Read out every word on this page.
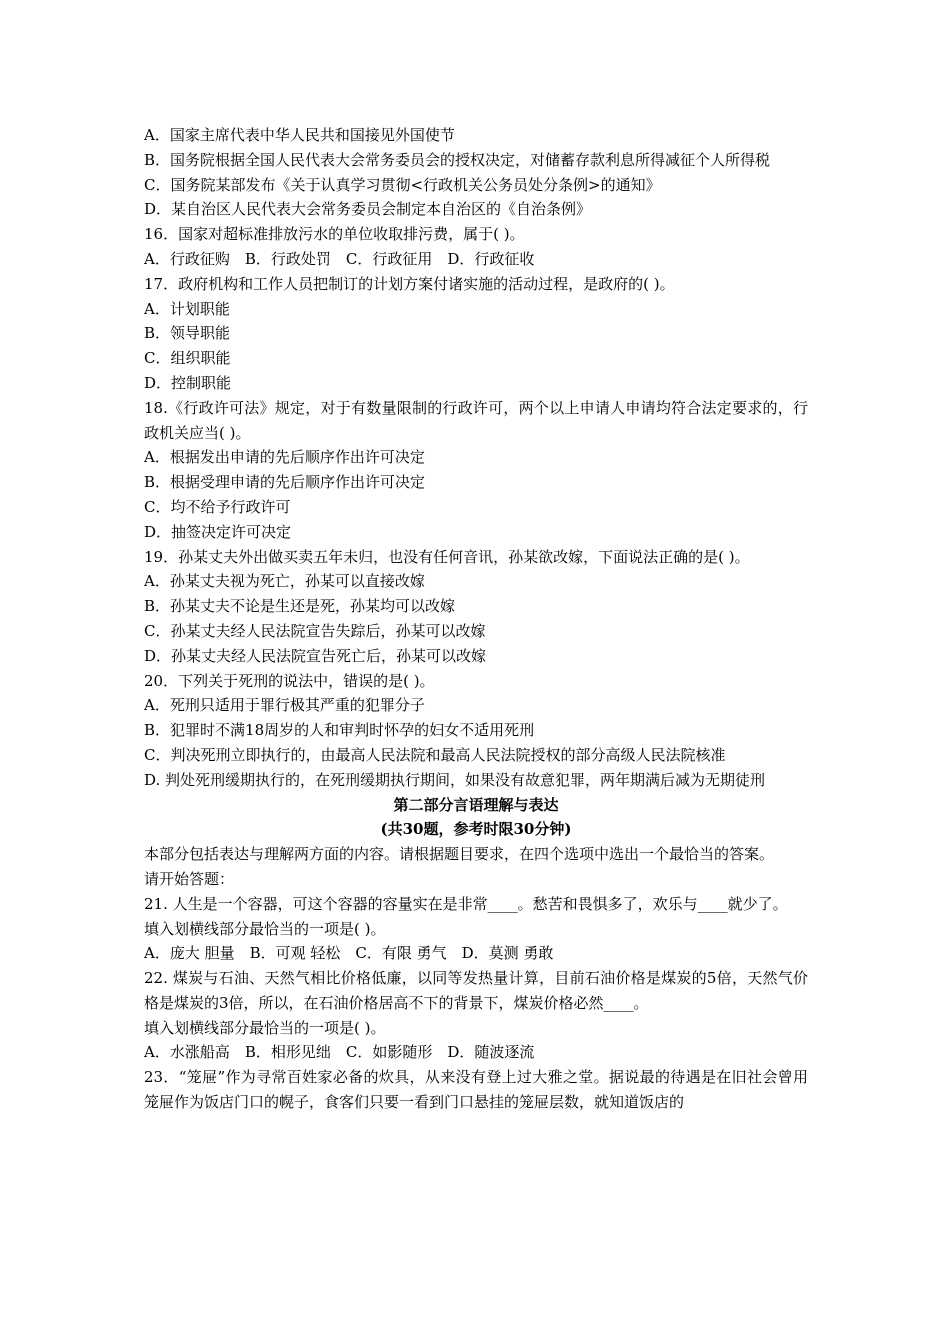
A．国家主席代表中华人民共和国接见外国使节
B．国务院根据全国人民代表大会常务委员会的授权决定，对储蓄存款利息所得减征个人所得税
C．国务院某部发布《关于认真学习贯彻<行政机关公务员处分条例>的通知》
D．某自治区人民代表大会常务委员会制定本自治区的《自治条例》
16．国家对超标准排放污水的单位收取排污费，属于( )。
A．行政征购　B．行政处罚　C．行政征用　D．行政征收
17．政府机构和工作人员把制订的计划方案付诸实施的活动过程，是政府的( )。
A．计划职能
B．领导职能
C．组织职能
D．控制职能
18.《行政许可法》规定，对于有数量限制的行政许可，两个以上申请人申请均符合法定要求的，行政机关应当( )。
A．根据发出申请的先后顺序作出许可决定
B．根据受理申请的先后顺序作出许可决定
C．均不给予行政许可
D．抽签决定许可决定
19．孙某丈夫外出做买卖五年未归，也没有任何音讯，孙某欲改嫁，下面说法正确的是( )。
A．孙某丈夫视为死亡，孙某可以直接改嫁
B．孙某丈夫不论是生还是死，孙某均可以改嫁
C．孙某丈夫经人民法院宣告失踪后，孙某可以改嫁
D．孙某丈夫经人民法院宣告死亡后，孙某可以改嫁
20．下列关于死刑的说法中，错误的是( )。
A．死刑只适用于罪行极其严重的犯罪分子
B．犯罪时不满18周岁的人和审判时怀孕的妇女不适用死刑
C．判决死刑立即执行的，由最高人民法院和最高人民法院授权的部分高级人民法院核准
D. 判处死刑缓期执行的，在死刑缓期执行期间，如果没有故意犯罪，两年期满后减为无期徒刑
第二部分言语理解与表达
(共30题，参考时限30分钟)
本部分包括表达与理解两方面的内容。请根据题目要求，在四个选项中选出一个最恰当的答案。
请开始答题：
21. 人生是一个容器，可这个容器的容量实在是非常____。愁苦和畏惧多了，欢乐与____就少了。
填入划横线部分最恰当的一项是( )。
A．庞大 胆量　B．可观 轻松　C．有限 勇气　D．莫测 勇敢
22. 煤炭与石油、天然气相比价格低廉，以同等发热量计算，目前石油价格是煤炭的5倍，天然气价格是煤炭的3倍，所以，在石油价格居高不下的背景下，煤炭价格必然____。
填入划横线部分最恰当的一项是( )。
A．水涨船高　B．相形见绌　C．如影随形　D．随波逐流
23．“笼屉”作为寻常百姓家必备的炊具，从来没有登上过大雅之堂。据说最的待遇是在旧社会曾用笼屉作为饭店门口的幌子，食客们只要一看到门口悬挂的笼屉层数，就知道饭店的
